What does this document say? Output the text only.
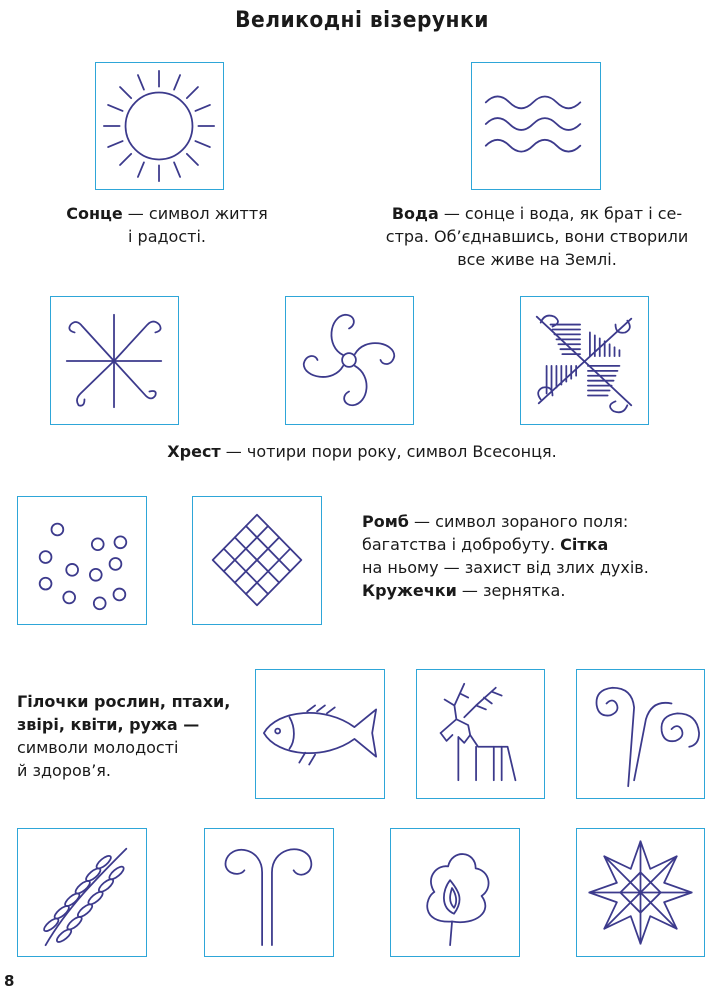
Великодні візерунки
Сонце — символ життя
і радості.
Вода — сонце і вода, як брат і се-
стра. Об’єднавшись, вони створили
все живе на Землі.
Хрест — чотири пори року, символ Всесонця.
Ромб — символ зораного поля:
багатства і добробуту. Сітка
на ньому — захист від злих духів.
Кружечки — зернятка.
Гілочки рослин, птахи,
звірі, квіти, ружа —
символи молодості
й здоров’я.
8
